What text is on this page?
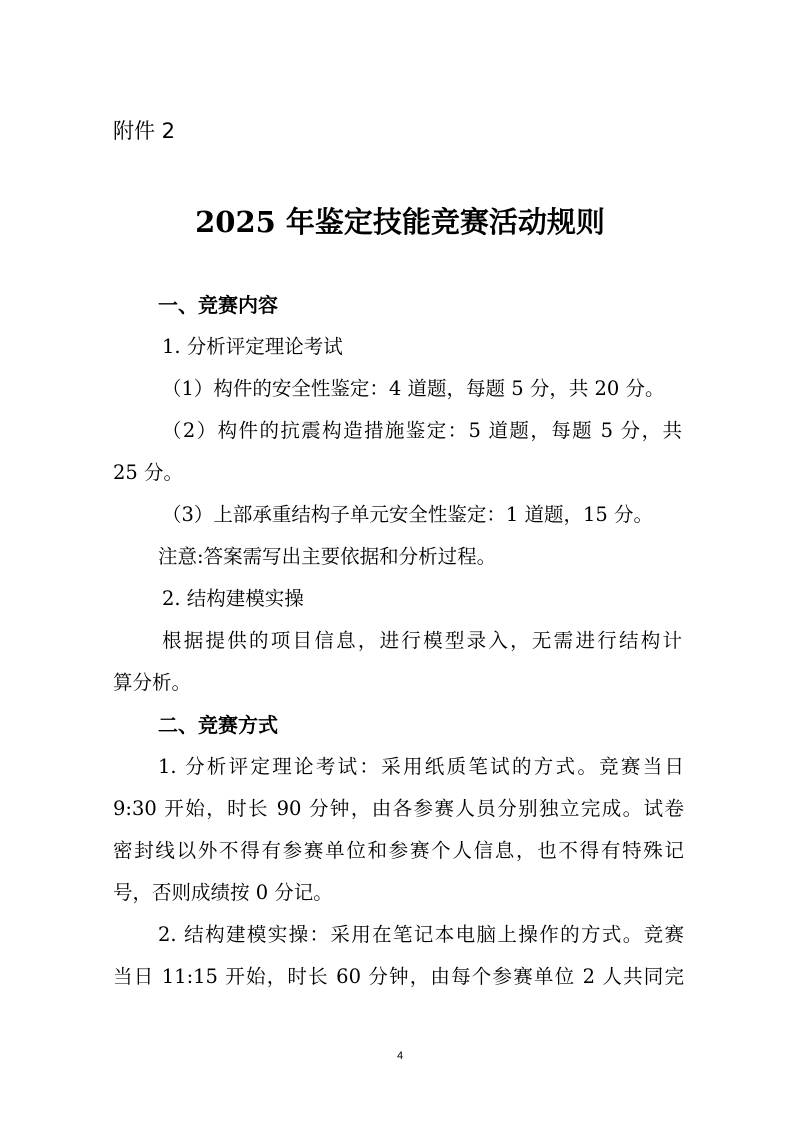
附件 2
2025 年鉴定技能竞赛活动规则
一、竞赛内容
1. 分析评定理论考试
（1）构件的安全性鉴定：4 道题，每题 5 分，共 20 分。
（2）构件的抗震构造措施鉴定：5 道题，每题 5 分，共
25 分。
（3）上部承重结构子单元安全性鉴定：1 道题，15 分。
注意:答案需写出主要依据和分析过程。
2. 结构建模实操
根据提供的项目信息，进行模型录入，无需进行结构计
算分析。
二、竞赛方式
1. 分析评定理论考试：采用纸质笔试的方式。竞赛当日
9:30 开始，时长 90 分钟，由各参赛人员分别独立完成。试卷
密封线以外不得有参赛单位和参赛个人信息，也不得有特殊记
号，否则成绩按 0 分记。
2. 结构建模实操：采用在笔记本电脑上操作的方式。竞赛
当日 11:15 开始，时长 60 分钟，由每个参赛单位 2 人共同完
4
